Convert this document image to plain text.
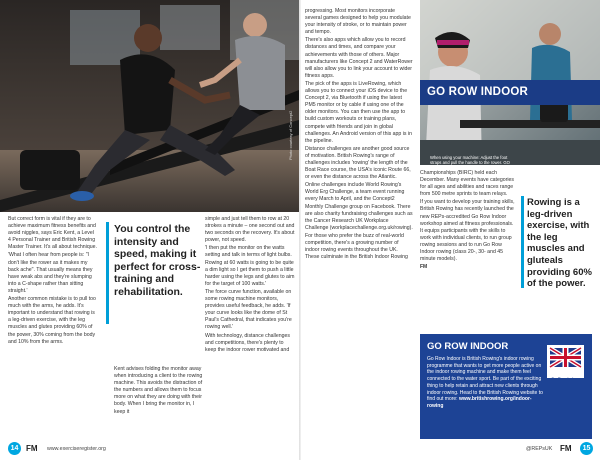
Photo courtesy of Concept2

But correct form is vital if they are to achieve maximum fitness benefits and avoid niggles, says Eric Kent, a Level 4 Personal Trainer and British Rowing Master Trainer. It's all about technique.

'What I often hear from people is: "I don't like the rower as it makes my back ache". That usually means they have weak abs and they're slumping into a C-shape rather than sitting straight.'

Another common mistake is to pull too much with the arms, he adds. It's important to understand that rowing is a leg-driven exercise, with the leg muscles and glutes providing 60% of the power, 30% coming from the body and 10% from the arms.

You control the intensity and speed, making it perfect for cross- training and rehabilitation.

Kent advises folding the monitor away when introducing a client to the rowing machine. This avoids the distraction of the numbers and allows them to focus more on what they are doing with their body. When I bring the monitor in, I keep it

simple and just tell them to row at 20 strokes a minute – one second out and two seconds on the recovery. It's about power, not speed.

'I then put the monitor on the watts setting and talk in terms of light bulbs. Rowing at 60 watts is going to be quite a dim light so I get them to push a little harder using the legs and glutes to aim for the target of 100 watts.'

The force curve function, available on some rowing machine monitors, provides useful feedback, he adds. 'If your curve looks like the dome of St Paul's Cathedral, that indicates you're rowing well.'

With technology, distance challenges and competitions, there's plenty to keep the indoor rower motivated and

14 FM www.exerciseregister.org

progressing. Most monitors incorporate several games designed to help you modulate your intensity of stroke, or to maintain power and tempo.

There's also apps which allow you to record distances and times, and compare your achievements with those of others. Major manufacturers like Concept 2 and WaterRower will also allow you to link your account to wider fitness apps.

The pick of the apps is LiveRowing, which allows you to connect your iOS device to the Concept 2, via Bluetooth if using the latest PM5 monitor or by cable if using one of the older monitors. You can then use the app to build custom workouts or training plans, compete with friends and join in global challenges. An Android version of this app is in the pipeline.

Distance challenges are another good source of motivation. British Rowing's range of challenges includes 'rowing' the length of the Boat Race course, the USA's iconic Route 66, or even the distance across the Atlantic.

Online challenges include World Rowing's World Erg Challenge, a team event running every March to April, and the Concept2 Monthly Challenge group on Facebook. There are also charity fundraising challenges such as the Cancer Research UK Workplace Challenge (workplacechallenge.org.uk/rowing).

For those who prefer the buzz of real-world competition, there's a growing number of indoor rowing events throughout the UK. These culminate in the British Indoor Rowing

GO ROW INDOOR
When using your machine: Adjust the foot straps and pull the handle to the rower. GO ROW INDOOR is something for you.

Championships (BIRC) held each December. Many events have categories for all ages and abilities and races range from 500 metre sprints to team relays.

If you want to develop your training skills, British Rowing has recently launched the new REPs-accredited Go Row Indoor workshop aimed at fitness professionals. It equips participants with the skills to work with individual clients, to run group rowing sessions and to run Go Row Indoor rowing (class 20-, 30- and 45 minute models).

FM
Rowing is a leg-driven exercise, with the leg muscles and gluteals providing 60% of the power.
GO ROW INDOOR
Go Row Indoor is British Rowing's indoor rowing programme that wants to get more people active on the indoor rowing machine and make them feel connected to the water sport. Be part of the exciting thing to help retain and attract new clients through indoor rowing. Head to the British Rowing website to find out more: www.britishrowing.org/indoor-rowing
Go Row Indoor
@REPsUK FM	15
